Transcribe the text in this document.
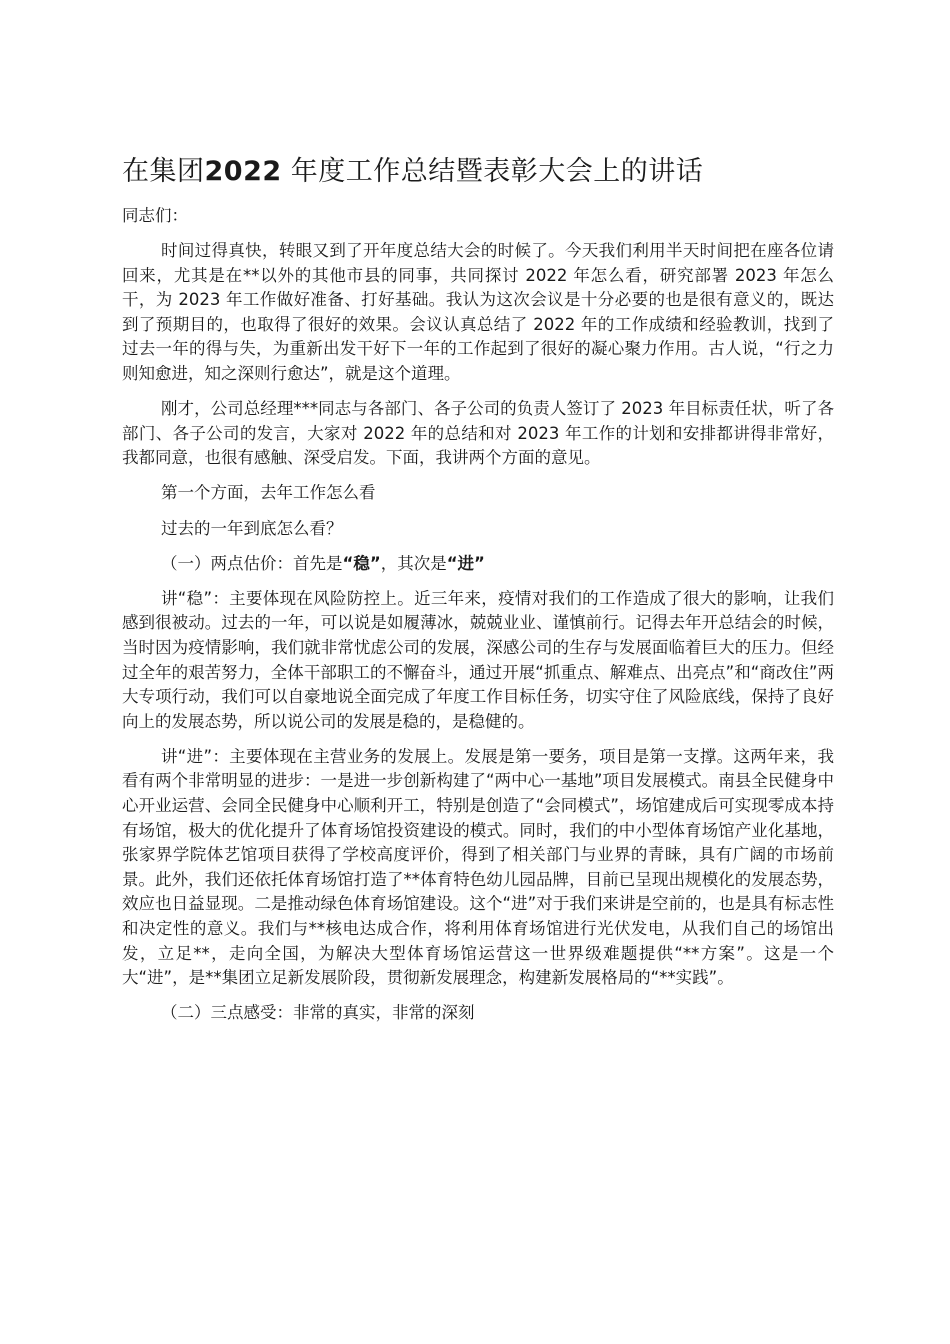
在集团2022 年度工作总结暨表彰大会上的讲话

同志们：

时间过得真快，转眼又到了开年度总结大会的时候了。今天我们利用半天时间把在座各位请回来，尤其是在**以外的其他市县的同事，共同探讨 2022 年怎么看，研究部署 2023 年怎么干，为 2023 年工作做好准备、打好基础。我认为这次会议是十分必要的也是很有意义的，既达到了预期目的，也取得了很好的效果。会议认真总结了 2022 年的工作成绩和经验教训，找到了过去一年的得与失，为重新出发干好下一年的工作起到了很好的凝心聚力作用。古人说，“行之力则知愈进，知之深则行愈达”，就是这个道理。

刚才，公司总经理***同志与各部门、各子公司的负责人签订了 2023 年目标责任状，听了各部门、各子公司的发言，大家对 2022 年的总结和对 2023 年工作的计划和安排都讲得非常好，我都同意，也很有感触、深受启发。下面，我讲两个方面的意见。

第一个方面，去年工作怎么看

过去的一年到底怎么看？

（一）两点估价：首先是“稳”，其次是“进”

讲“稳”：主要体现在风险防控上。近三年来，疫情对我们的工作造成了很大的影响，让我们感到很被动。过去的一年，可以说是如履薄冰，兢兢业业、谨慎前行。记得去年开总结会的时候，当时因为疫情影响，我们就非常忧虑公司的发展，深感公司的生存与发展面临着巨大的压力。但经过全年的艰苦努力，全体干部职工的不懈奋斗，通过开展“抓重点、解难点、出亮点”和“商改住”两大专项行动，我们可以自豪地说全面完成了年度工作目标任务，切实守住了风险底线，保持了良好向上的发展态势，所以说公司的发展是稳的，是稳健的。

讲“进”：主要体现在主营业务的发展上。发展是第一要务，项目是第一支撑。这两年来，我看有两个非常明显的进步：一是进一步创新构建了“两中心一基地”项目发展模式。南县全民健身中心开业运营、会同全民健身中心顺利开工，特别是创造了“会同模式”，场馆建成后可实现零成本持有场馆，极大的优化提升了体育场馆投资建设的模式。同时，我们的中小型体育场馆产业化基地，张家界学院体艺馆项目获得了学校高度评价，得到了相关部门与业界的青睐，具有广阔的市场前景。此外，我们还依托体育场馆打造了**体育特色幼儿园品牌，目前已呈现出规模化的发展态势，效应也日益显现。二是推动绿色体育场馆建设。这个“进”对于我们来讲是空前的，也是具有标志性和决定性的意义。我们与**核电达成合作，将利用体育场馆进行光伏发电，从我们自己的场馆出发，立足**，走向全国，为解决大型体育场馆运营这一世界级难题提供“**方案”。这是一个大“进”，是**集团立足新发展阶段，贯彻新发展理念，构建新发展格局的“**实践”。

（二）三点感受：非常的真实，非常的深刻
